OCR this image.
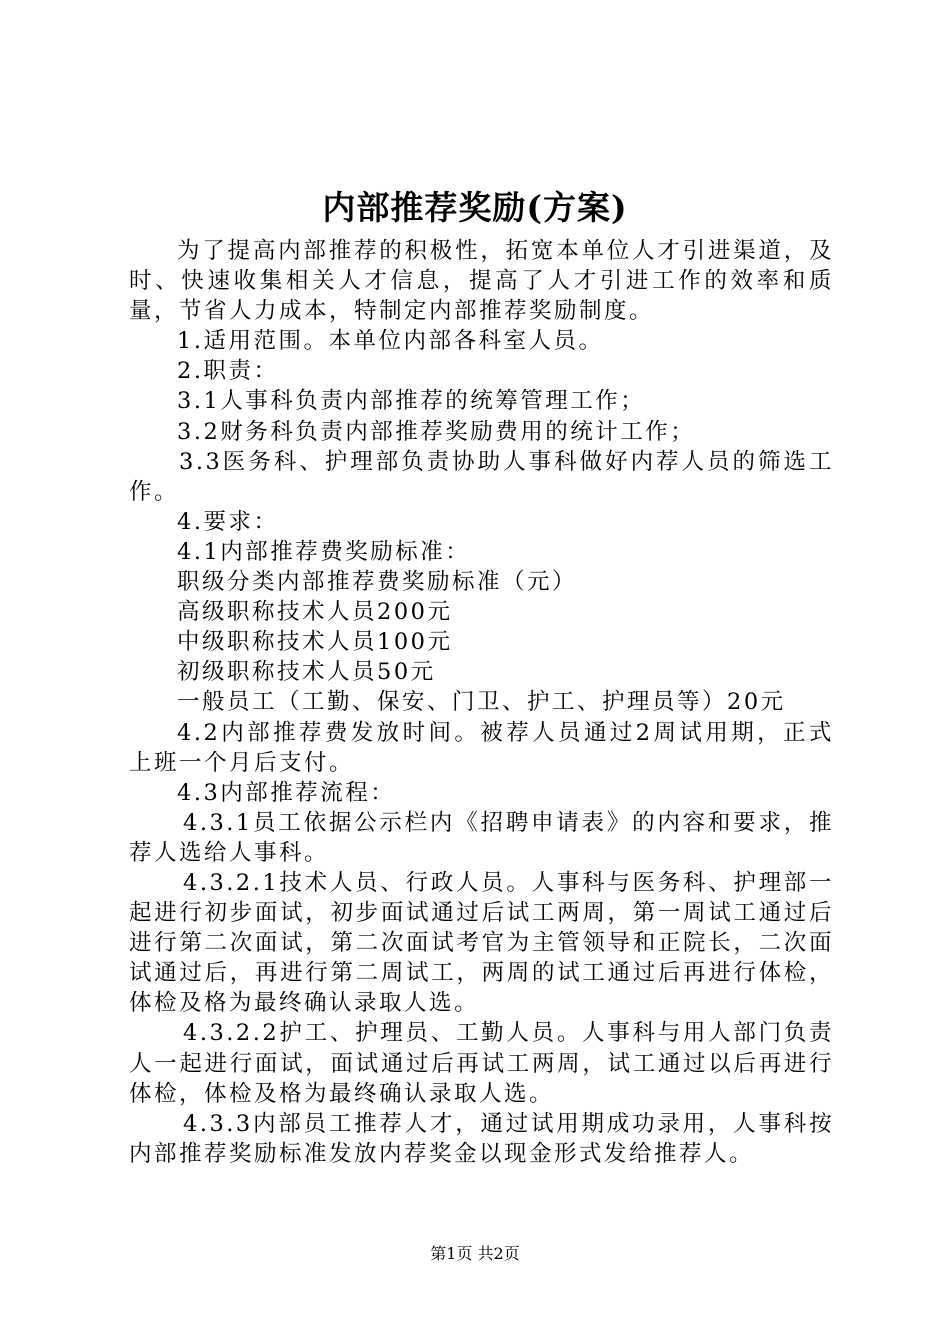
内部推荐奖励(方案)

为了提高内部推荐的积极性，拓宽本单位人才引进渠道，及时、快速收集相关人才信息，提高了人才引进工作的效率和质量，节省人力成本，特制定内部推荐奖励制度。

1.适用范围。本单位内部各科室人员。

2.职责：

3.1人事科负责内部推荐的统筹管理工作；

3.2财务科负责内部推荐奖励费用的统计工作；

3.3医务科、护理部负责协助人事科做好内荐人员的筛选工作。

4.要求：

4.1内部推荐费奖励标准：

职级分类内部推荐费奖励标准（元）

高级职称技术人员200元

中级职称技术人员100元

初级职称技术人员50元

一般员工（工勤、保安、门卫、护工、护理员等）20元

4.2内部推荐费发放时间。被荐人员通过2周试用期，正式上班一个月后支付。

4.3内部推荐流程：

4.3.1员工依据公示栏内《招聘申请表》的内容和要求，推荐人选给人事科。

4.3.2.1技术人员、行政人员。人事科与医务科、护理部一起进行初步面试，初步面试通过后试工两周，第一周试工通过后进行第二次面试，第二次面试考官为主管领导和正院长，二次面试通过后，再进行第二周试工，两周的试工通过后再进行体检，体检及格为最终确认录取人选。

4.3.2.2护工、护理员、工勤人员。人事科与用人部门负责人一起进行面试，面试通过后再试工两周，试工通过以后再进行体检，体检及格为最终确认录取人选。

4.3.3内部员工推荐人才，通过试用期成功录用，人事科按内部推荐奖励标准发放内荐奖金以现金形式发给推荐人。

第1页 共2页
